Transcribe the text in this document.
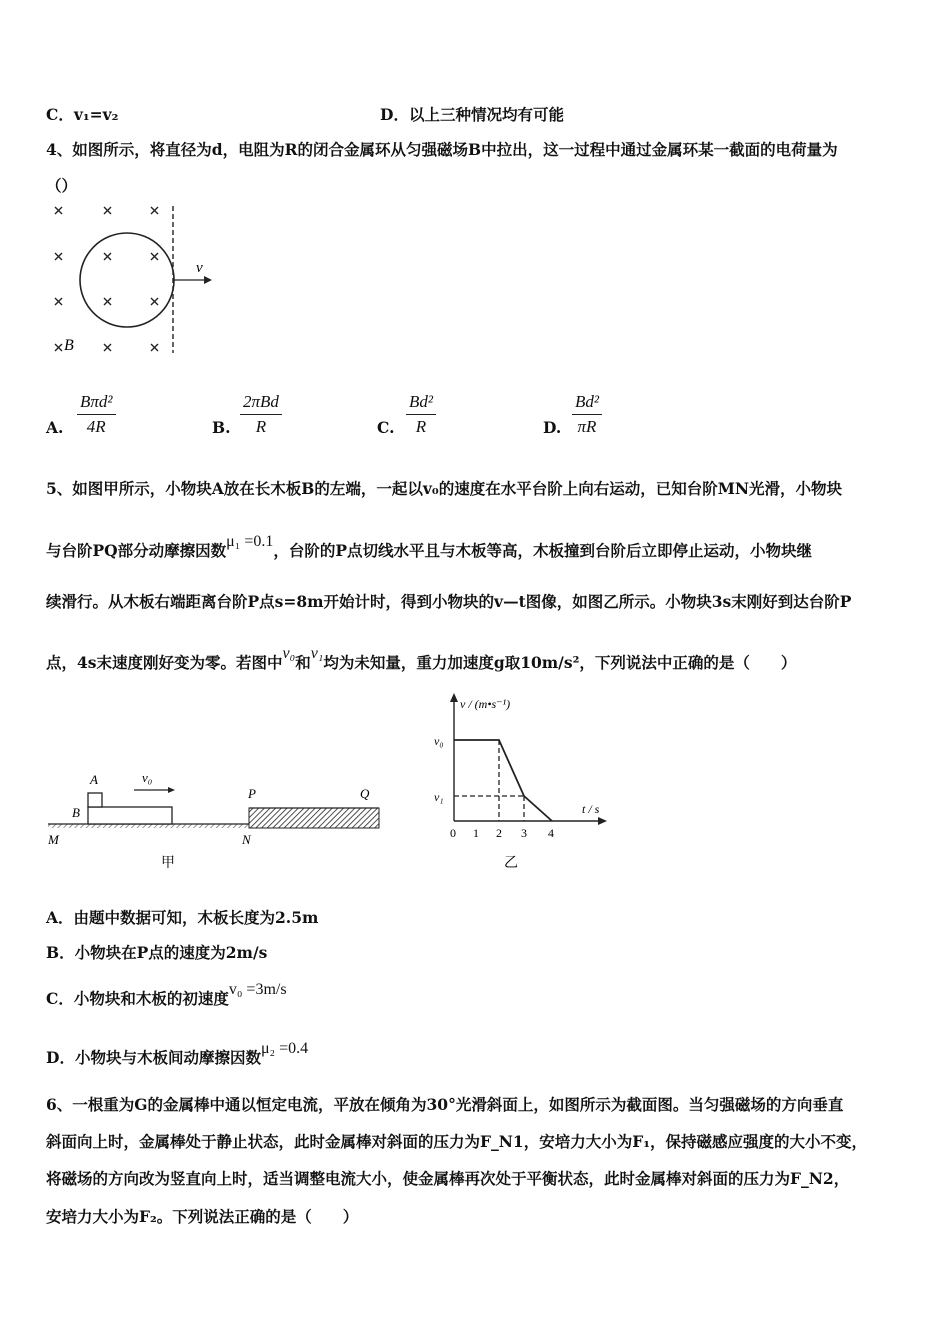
C．v₁=v₂	D．以上三种情况均有可能
4、如图所示，将直径为d，电阻为R的闭合金属环从匀强磁场B中拉出，这一过程中通过金属环某一截面的电荷量为
（）
v
B
A.
Bπd²
4R	B.
2πBd
R	C. $\frac{\text{Bd²}}{R}$	D. $\frac{\text{Bd²}}{\pi R}$
5、如图甲所示，小物块A放在长木板B的左端，一起以v₀的速度在水平台阶上向右运动，已知台阶MN光滑，小物块
与台阶PQ部分动摩擦因数μ₁ =0.1，台阶的P点切线水平且与木板等高，木板撞到台阶后立即停止运动，小物块继
续滑行。从木板右端距离台阶P点s=8m开始计时，得到小物块的v—t图像，如图乙所示。小物块3s末刚好到达台阶P
点，4s末速度刚好变为零。若图中v₀和v₁均为未知量，重力加速度g取10m/s²，下列说法中正确的是（　　）
A
B
v₀
P	Q
M	N
甲
v / (m•s⁻¹)
t / s
v₀
v₁
0 1 2 3 4
乙
A．由题中数据可知，木板长度为2.5m
B．小物块在P点的速度为2m/s
C．小物块和木板的初速度v₀ =3m/s
D．小物块与木板间动摩擦因数μ₂ =0.4
6、一根重为G的金属棒中通以恒定电流，平放在倾角为30°光滑斜面上，如图所示为截面图。当匀强磁场的方向垂直
斜面向上时，金属棒处于静止状态，此时金属棒对斜面的压力为F_N1，安培力大小为F₁，保持磁感应强度的大小不变，
将磁场的方向改为竖直向上时，适当调整电流大小，使金属棒再次处于平衡状态，此时金属棒对斜面的压力为F_N2，
安培力大小为F₂。下列说法正确的是（　　）
